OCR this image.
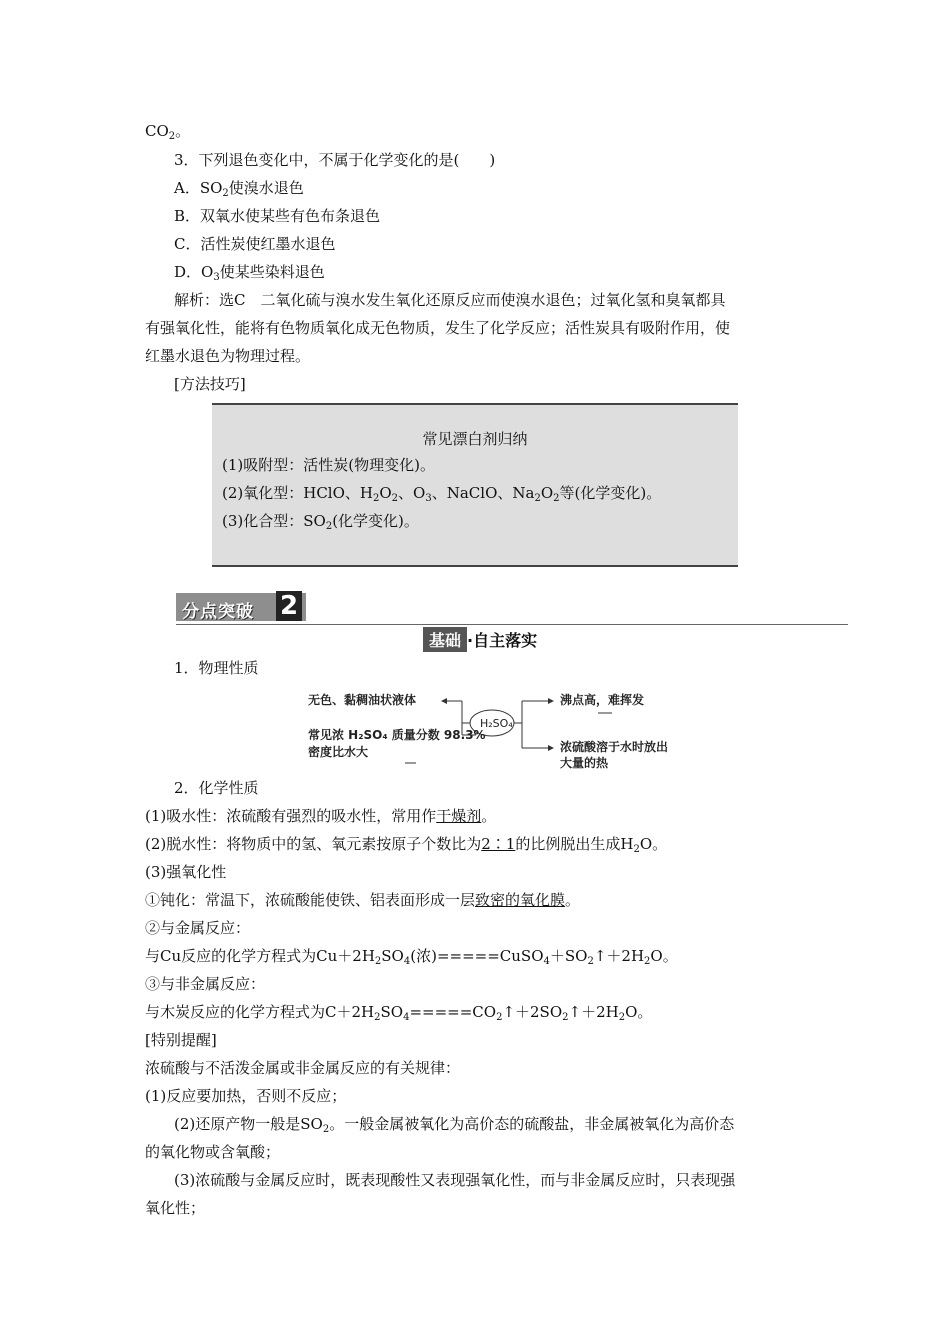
$CO_2$。
3．下列退色变化中，不属于化学变化的是(　　)
A．$SO_2$使溴水退色
B．双氧水使某些有色布条退色
C．活性炭使红墨水退色
D．$O_3$使某些染料退色
解析：选C　二氧化硫与溴水发生氧化还原反应而使溴水退色；过氧化氢和臭氧都具
有强氧化性，能将有色物质氧化成无色物质，发生了化学反应；活性炭具有吸附作用，使
红墨水退色为物理过程。
[方法技巧]
常见漂白剂归纳
(1)吸附型：活性炭(物理变化)。
(2)氧化型：HClO、$H_2O_2$、$O_3$、NaClO、$Na_2O_2$等(化学变化)。
(3)化合型：$SO_2$(化学变化)。
分点突破 2
基础 ·自主落实
1．物理性质
无色、黏稠油状液体
H₂SO₄
沸点高，难挥发
常见浓 H₂SO₄ 质量分数 98.3%
密度比水大	浓硫酸溶于水时放出
大量的热
2．化学性质
(1)吸水性：浓硫酸有强烈的吸水性，常用作干燥剂。
(2)脱水性：将物质中的氢、氧元素按原子个数比为2∶1的比例脱出生成$H_2O$。
(3)强氧化性
①钝化：常温下，浓硫酸能使铁、铝表面形成一层致密的氧化膜。
②与金属反应：
与Cu反应的化学方程式为$Cu+2H_2SO_4$(浓)$=====CuSO_4+SO_2↑+2H_2O$。
③与非金属反应：
与木炭反应的化学方程式为$C+2H_2SO_4=====CO_2↑+2SO_2↑+2H_2O$。
[特别提醒]
浓硫酸与不活泼金属或非金属反应的有关规律：
(1)反应要加热，否则不反应；
(2)还原产物一般是$SO_2$。一般金属被氧化为高价态的硫酸盐，非金属被氧化为高价态
的氧化物或含氧酸；
(3)浓硫酸与金属反应时，既表现酸性又表现强氧化性，而与非金属反应时，只表现强
氧化性；
